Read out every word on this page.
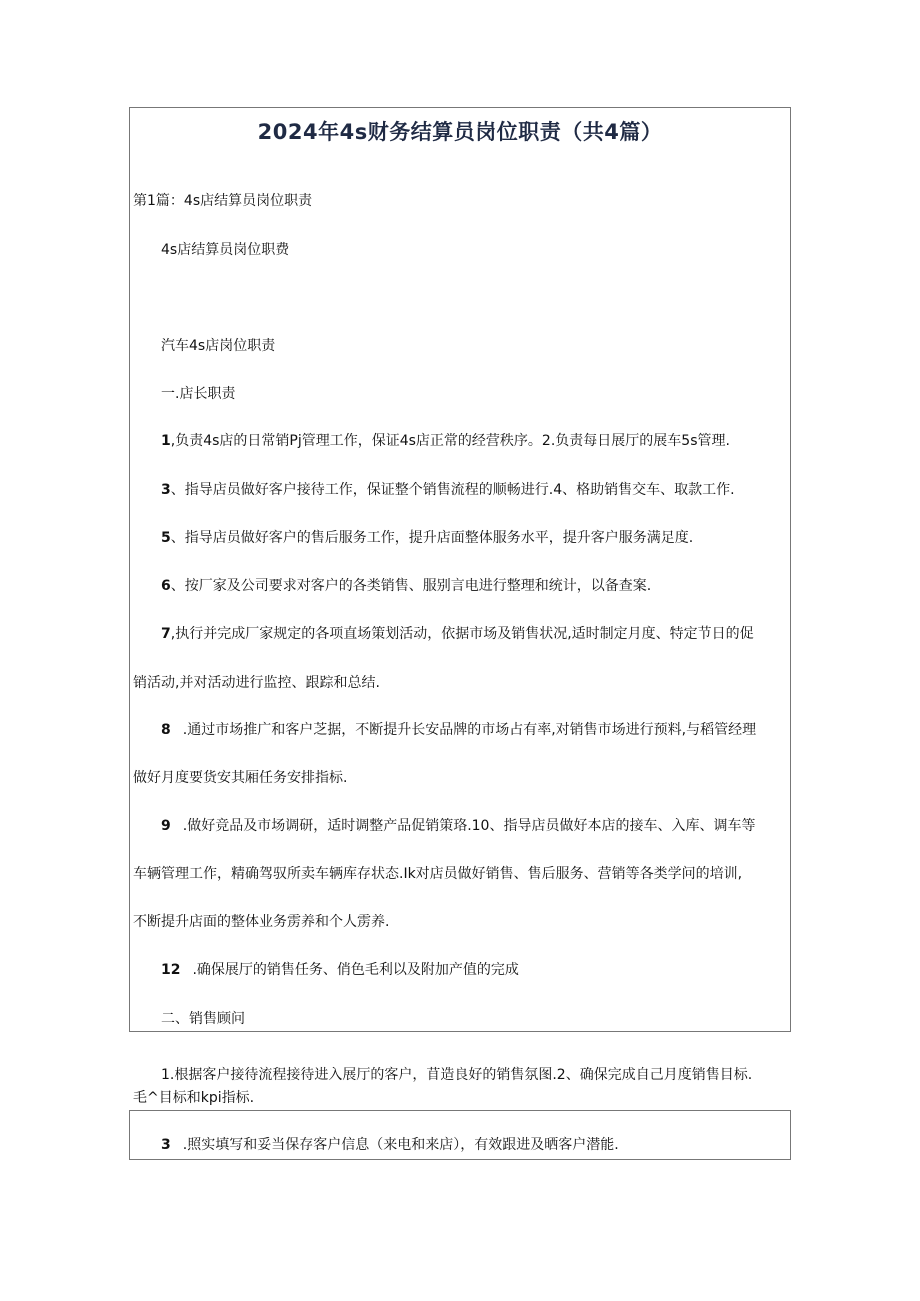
2024年4s财务结算员岗位职责（共4篇）

第1篇：4s店结算员岗位职责

4s店结算员岗位职费

汽车4s店岗位职责

一.店长职责

1,负责4s店的日常销Pj管理工作，保证4s店正常的经营秩序。2.负责每日展厅的展车5s管理.

3、指导店员做好客户接待工作，保证整个销售流程的顺畅进行.4、格助销售交车、取款工作.

5、指导店员做好客户的售后服务工作，提升店面整体服务水平，提升客户服务满足度.

6、按厂家及公司要求对客户的各类销售、服别言电进行整理和统计，以备查案.

7,执行并完成厂家规定的各项直场策划活动，依据市场及销售状况,适时制定月度、特定节日的促

销活动,并对活动进行监控、跟踪和总结.

8 .通过市场推广和客户芝据，不断提升长安品牌的市场占有率,对销售市场进行预料,与稻管经理

做好月度要货安其厢任务安排指标.

9 .做好竞品及市场调研，适时调整产品促销策珞.10、指导店员做好本店的接车、入库、调车等

车辆管理工作，精确驾驭所卖车辆库存状态.Ik对店员做好销售、售后服务、营销等各类学问的培训,

不断提升店面的整体业务雳养和个人雳养.

12 .确保展厅的销售任务、俏色毛利以及附加产值的完成

二、销售顾问

1.根据客户接待流程接待进入展厅的客户，苜造良好的销售氛图.2、确保完成自己月度销售目标.

毛^目标和kpi指标.

3 .照实填写和妥当保存客户信息（来电和来店），有效跟进及晒客户潜能.
